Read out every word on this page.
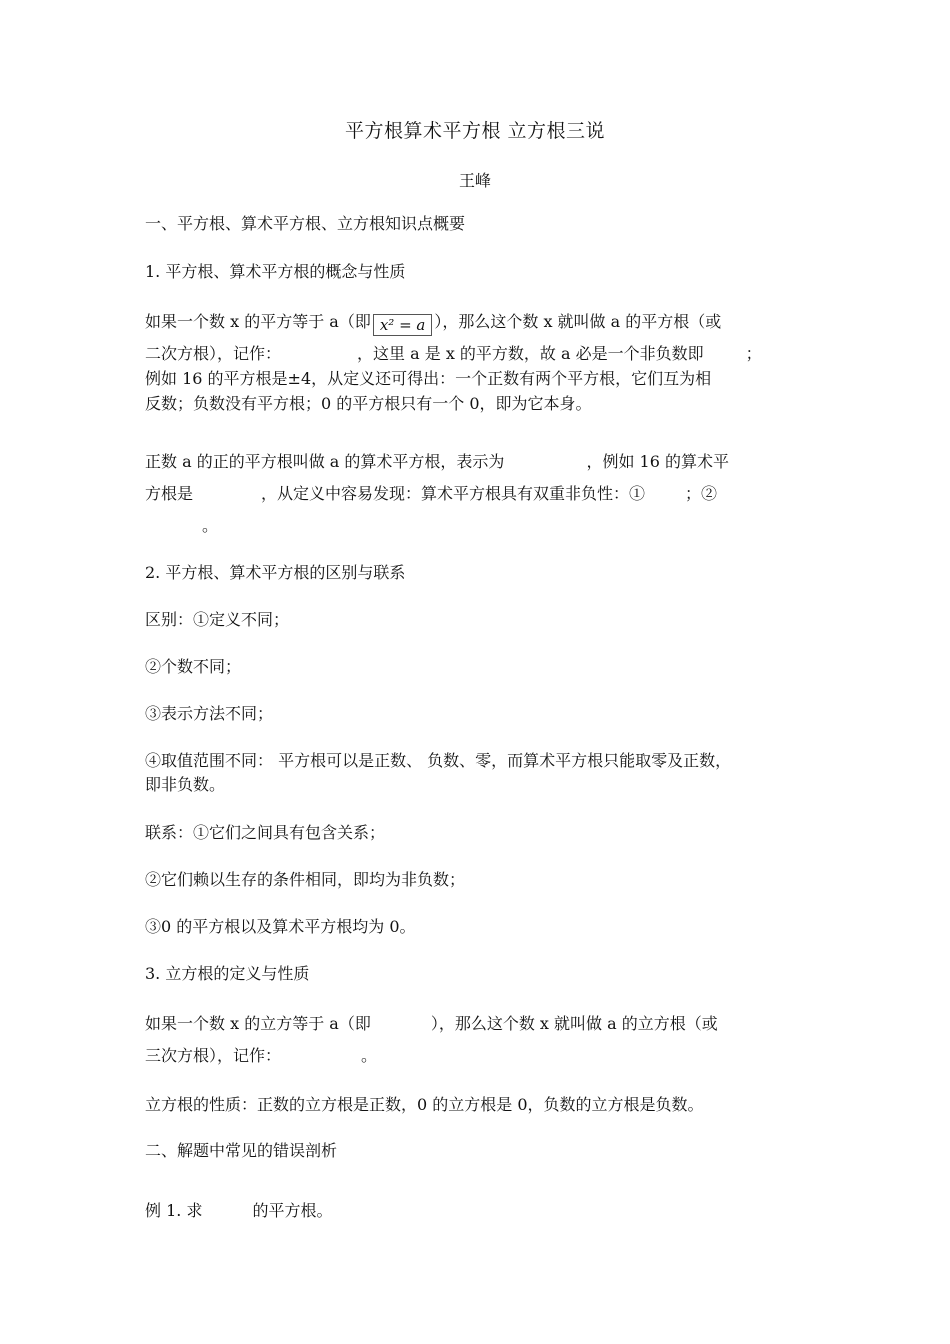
平方根算术平方根 立方根三说
王峰
一、平方根、算术平方根、立方根知识点概要
1. 平方根、算术平方根的概念与性质
如果一个数 x 的平方等于 a（即 x² = a ），那么这个数 x 就叫做 a 的平方根（或
二次方根），记作：	，这里 a 是 x 的平方数，故 a 必是一个非负数即	；
例如 16 的平方根是±4，从定义还可得出：一个正数有两个平方根，它们互为相
反数；负数没有平方根；0 的平方根只有一个 0，即为它本身。
正数 a 的正的平方根叫做 a 的算术平方根，表示为	，例如 16 的算术平
方根是	，从定义中容易发现：算术平方根具有双重非负性：①	；②
。
2. 平方根、算术平方根的区别与联系
区别：①定义不同；
②个数不同；
③表示方法不同；
④取值范围不同： 平方根可以是正数、 负数、零，而算术平方根只能取零及正数，
即非负数。
联系：①它们之间具有包含关系；
②它们赖以生存的条件相同，即均为非负数；
③0 的平方根以及算术平方根均为 0。
3. 立方根的定义与性质
如果一个数 x 的立方等于 a（即	），那么这个数 x 就叫做 a 的立方根（或
三次方根），记作：	。
立方根的性质：正数的立方根是正数，0 的立方根是 0，负数的立方根是负数。
二、解题中常见的错误剖析
例 1. 求	的平方根。
